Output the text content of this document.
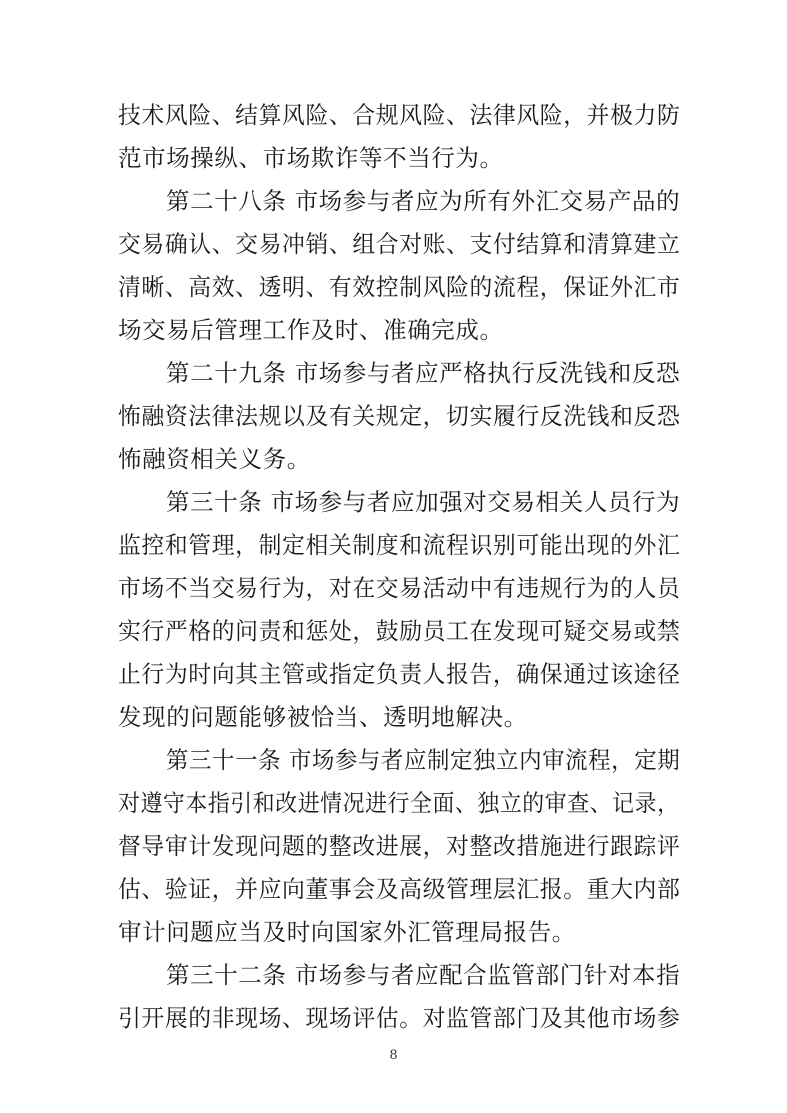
技术风险、结算风险、合规风险、法律风险，并极力防
范市场操纵、市场欺诈等不当行为。
第二十八条 市场参与者应为所有外汇交易产品的
交易确认、交易冲销、组合对账、支付结算和清算建立
清晰、高效、透明、有效控制风险的流程，保证外汇市
场交易后管理工作及时、准确完成。
第二十九条 市场参与者应严格执行反洗钱和反恐
怖融资法律法规以及有关规定，切实履行反洗钱和反恐
怖融资相关义务。
第三十条 市场参与者应加强对交易相关人员行为
监控和管理，制定相关制度和流程识别可能出现的外汇
市场不当交易行为，对在交易活动中有违规行为的人员
实行严格的问责和惩处，鼓励员工在发现可疑交易或禁
止行为时向其主管或指定负责人报告，确保通过该途径
发现的问题能够被恰当、透明地解决。
第三十一条 市场参与者应制定独立内审流程，定期
对遵守本指引和改进情况进行全面、独立的审查、记录，
督导审计发现问题的整改进展，对整改措施进行跟踪评
估、验证，并应向董事会及高级管理层汇报。重大内部
审计问题应当及时向国家外汇管理局报告。
第三十二条 市场参与者应配合监管部门针对本指
引开展的非现场、现场评估。对监管部门及其他市场参
8
